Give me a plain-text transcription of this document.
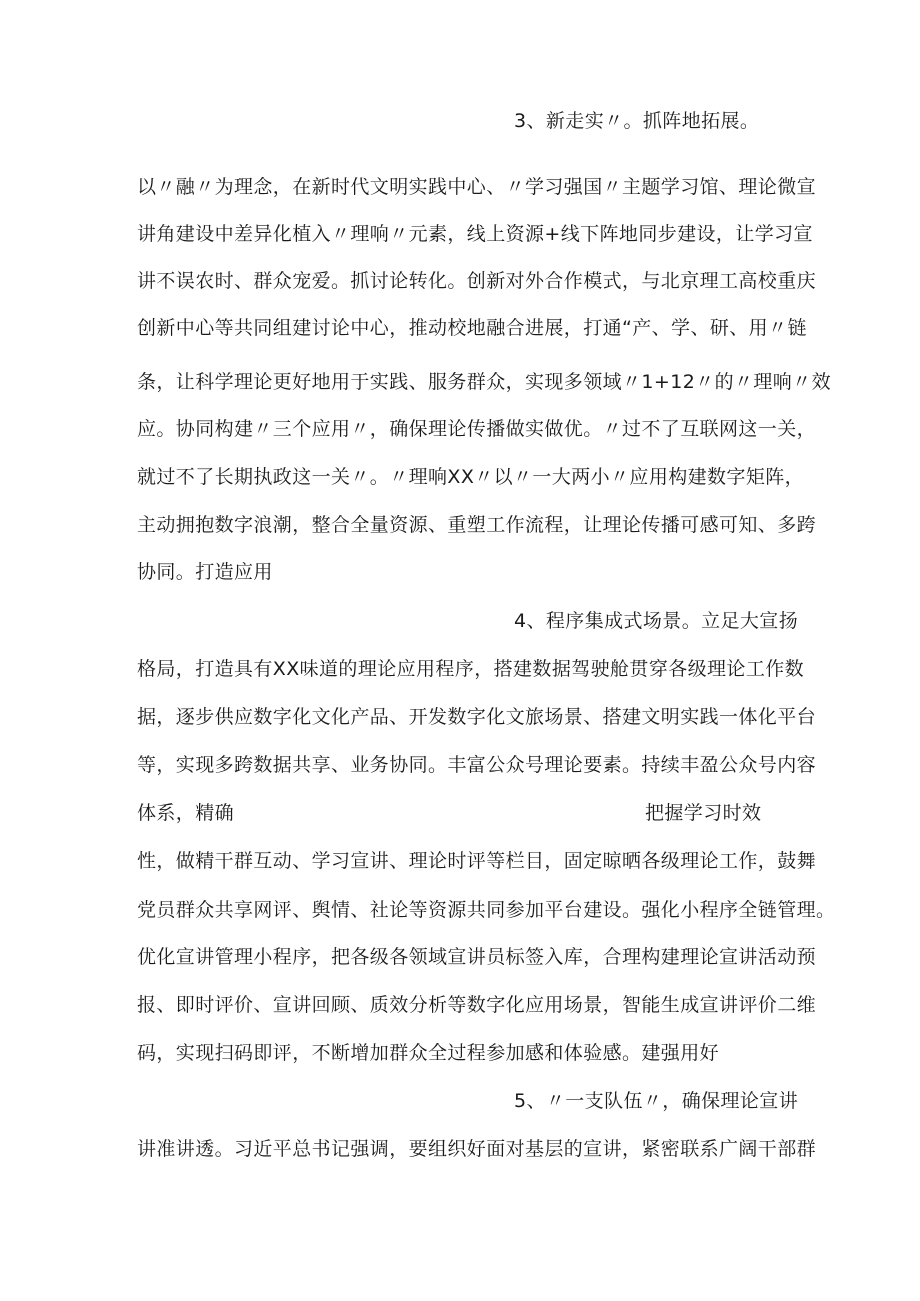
3、新走实〃。抓阵地拓展。
以〃融〃为理念，在新时代文明实践中心、〃学习强国〃主题学习馆、理论微宣
讲角建设中差异化植入〃理响〃元素，线上资源+线下阵地同步建设，让学习宣
讲不误农时、群众宠爱。抓讨论转化。创新对外合作模式，与北京理工高校重庆
创新中心等共同组建讨论中心，推动校地融合进展，打通“产、学、研、用〃链
条，让科学理论更好地用于实践、服务群众，实现多领域〃1+12〃的〃理响〃效
应。协同构建〃三个应用〃，确保理论传播做实做优。〃过不了互联网这一关，
就过不了长期执政这一关〃。〃理响XX〃以〃一大两小〃应用构建数字矩阵，
主动拥抱数字浪潮，整合全量资源、重塑工作流程，让理论传播可感可知、多跨
协同。打造应用
4、程序集成式场景。立足大宣扬
格局，打造具有XX味道的理论应用程序，搭建数据驾驶舱贯穿各级理论工作数
据，逐步供应数字化文化产品、开发数字化文旅场景、搭建文明实践一体化平台
等，实现多跨数据共享、业务协同。丰富公众号理论要素。持续丰盈公众号内容
体系，精确	把握学习时效
性，做精干群互动、学习宣讲、理论时评等栏目，固定晾晒各级理论工作，鼓舞
党员群众共享网评、舆情、社论等资源共同参加平台建设。强化小程序全链管理。
优化宣讲管理小程序，把各级各领域宣讲员标签入库，合理构建理论宣讲活动预
报、即时评价、宣讲回顾、质效分析等数字化应用场景，智能生成宣讲评价二维
码，实现扫码即评，不断增加群众全过程参加感和体验感。建强用好
5、〃一支队伍〃，确保理论宣讲
讲准讲透。习近平总书记强调，要组织好面对基层的宣讲，紧密联系广阔干部群
